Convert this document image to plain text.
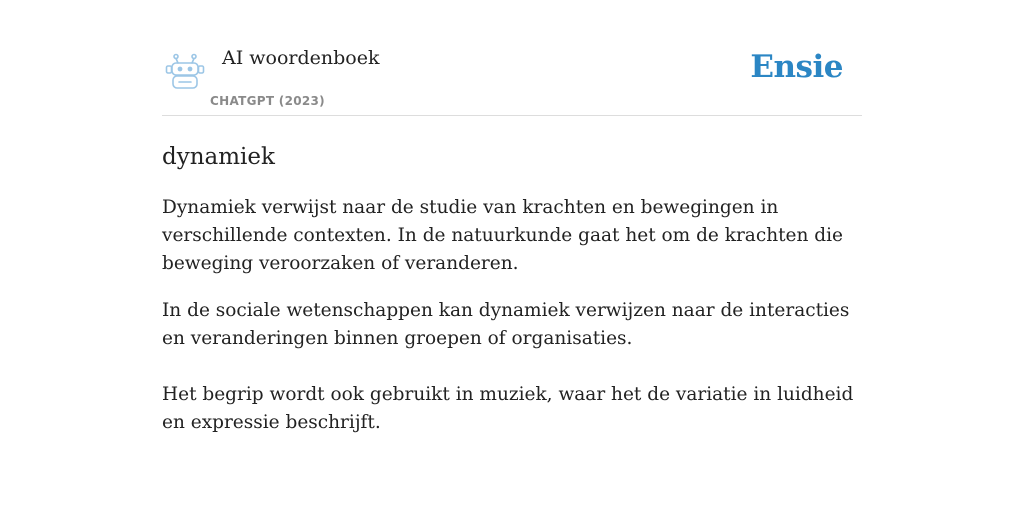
AI woordenboek
CHATGPT (2023)
Ensie
dynamiek

Dynamiek verwijst naar de studie van krachten en bewegingen in verschillende contexten. In de natuurkunde gaat het om de krachten die beweging veroorzaken of veranderen.

In de sociale wetenschappen kan dynamiek verwijzen naar de interacties en veranderingen binnen groepen of organisaties.

Het begrip wordt ook gebruikt in muziek, waar het de variatie in luidheid en expressie beschrijft.
